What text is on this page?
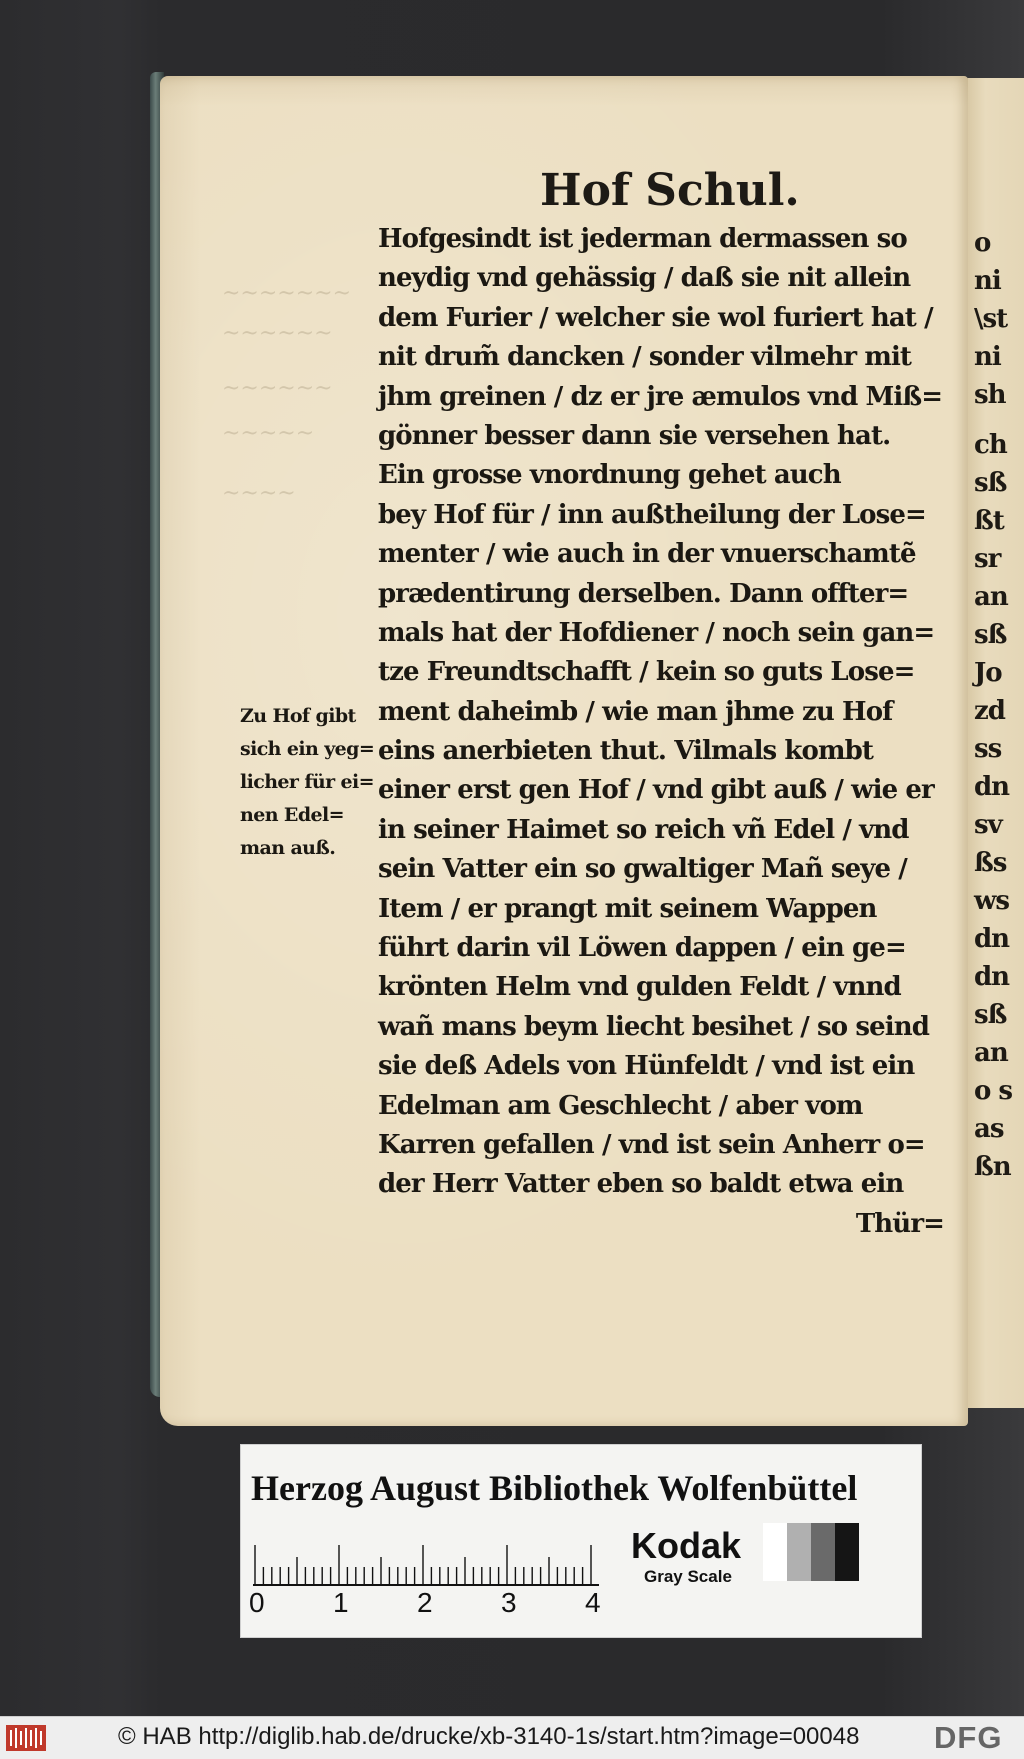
o
ni
\st
ni
sh
ch
sß
ßt
sr
an
sß
Jo
zd
ss
dn
sv
ßs
ws
dn
dn
sß
an
o s
as
ßn
~~~~~~~
~~~~~~
~~~~~~
~~~~~
~~~~
Hof Schul.
Hofgesindt ist jederman dermassen so
neydig vnd gehässig / daß sie nit allein
dem Furier / welcher sie wol furiert hat /
nit drum̃ dancken / sonder vilmehr mit
jhm greinen / dz er jre æmulos vnd Miß=
gönner besser dann sie versehen hat.
Ein grosse vnordnung gehet auch
bey Hof für / inn außtheilung der Lose=
menter / wie auch in der vnuerschamtẽ
prædentirung derselben. Dann offter=
mals hat der Hofdiener / noch sein gan=
tze Freundtschafft / kein so guts Lose=
ment daheimb / wie man jhme zu Hof
eins anerbieten thut. Vilmals kombt
einer erst gen Hof / vnd gibt auß / wie er
in seiner Haimet so reich vñ Edel / vnd
sein Vatter ein so gwaltiger Mañ seye /
Item / er prangt mit seinem Wappen
führt darin vil Löwen dappen / ein ge=
krönten Helm vnd gulden Feldt / vnnd
wañ mans beym liecht besihet / so seind
sie deß Adels von Hünfeldt / vnd ist ein
Edelman am Geschlecht / aber vom
Karren gefallen / vnd ist sein Anherr o=
der Herr Vatter eben so baldt etwa ein
Thür=
Zu Hof gibt
sich ein yeg=
licher für ei=
nen Edel=
man auß.
Herzog August Bibliothek Wolfenbüttel
0 1 2 3 4
Kodak
Gray Scale
© HAB http://diglib.hab.de/drucke/xb-3140-1s/start.htm?image=00048 DFG
